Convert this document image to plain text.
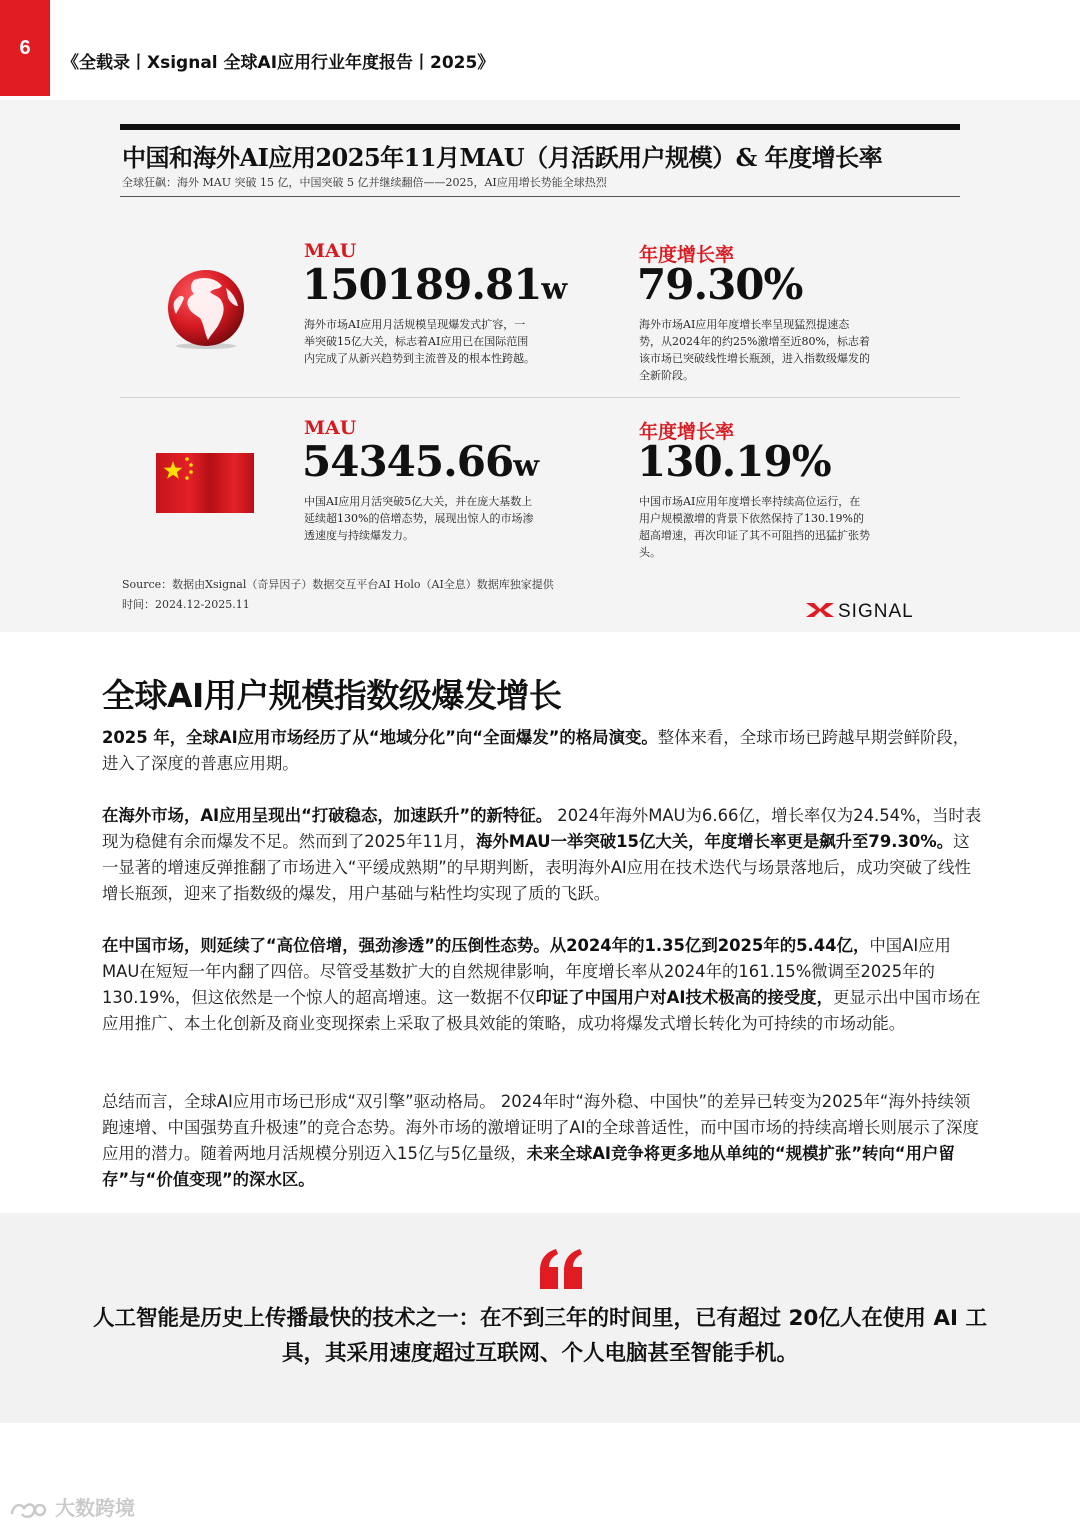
6
《全载录丨Xsignal 全球AI应用行业年度报告丨2025》
中国和海外AI应用2025年11月MAU（月活跃用户规模）& 年度增长率
全球狂飙：海外 MAU 突破 15 亿，中国突破 5 亿并继续翻倍——2025，AI应用增长势能全球热烈
MAU
150189.81w
海外市场AI应用月活规模呈现爆发式扩容，一举突破15亿大关，标志着AI应用已在国际范围内完成了从新兴趋势到主流普及的根本性跨越。
年度增长率
79.30%
海外市场AI应用年度增长率呈现猛烈提速态势，从2024年的约25%激增至近80%，标志着该市场已突破线性增长瓶颈，进入指数级爆发的全新阶段。
MAU
54345.66w
中国AI应用月活突破5亿大关，并在庞大基数上延续超130%的倍增态势，展现出惊人的市场渗透速度与持续爆发力。
年度增长率
130.19%
中国市场AI应用年度增长率持续高位运行，在用户规模激增的背景下依然保持了130.19%的超高增速，再次印证了其不可阻挡的迅猛扩张势头。
Source：数据由Xsignal（奇异因子）数据交互平台AI Holo（AI全息）数据库独家提供
时间：2024.12-2025.11	SIGNAL
全球AI用户规模指数级爆发增长

2025 年，全球AI应用市场经历了从“地域分化”向“全面爆发”的格局演变。整体来看，全球市场已跨越早期尝鲜阶段，进入了深度的普惠应用期。

在海外市场，AI应用呈现出“打破稳态，加速跃升”的新特征。 2024年海外MAU为6.66亿，增长率仅为24.54%，当时表现为稳健有余而爆发不足。然而到了2025年11月，海外MAU一举突破15亿大关，年度增长率更是飙升至79.30%。这一显著的增速反弹推翻了市场进入“平缓成熟期”的早期判断，表明海外AI应用在技术迭代与场景落地后，成功突破了线性增长瓶颈，迎来了指数级的爆发，用户基础与粘性均实现了质的飞跃。

在中国市场，则延续了“高位倍增，强劲渗透”的压倒性态势。从2024年的1.35亿到2025年的5.44亿，中国AI应用MAU在短短一年内翻了四倍。尽管受基数扩大的自然规律影响，年度增长率从2024年的161.15%微调至2025年的130.19%，但这依然是一个惊人的超高增速。这一数据不仅印证了中国用户对AI技术极高的接受度，更显示出中国市场在应用推广、本土化创新及商业变现探索上采取了极具效能的策略，成功将爆发式增长转化为可持续的市场动能。

总结而言，全球AI应用市场已形成“双引擎”驱动格局。 2024年时“海外稳、中国快”的差异已转变为2025年“海外持续领跑速增、中国强势直升极速”的竞合态势。海外市场的激增证明了AI的全球普适性，而中国市场的持续高增长则展示了深度应用的潜力。随着两地月活规模分别迈入15亿与5亿量级，未来全球AI竞争将更多地从单纯的“规模扩张”转向“用户留存”与“价值变现”的深水区。

人工智能是历史上传播最快的技术之一：在不到三年的时间里，已有超过 20亿人在使用 AI 工具，其采用速度超过互联网、个人电脑甚至智能手机。
大数跨境
